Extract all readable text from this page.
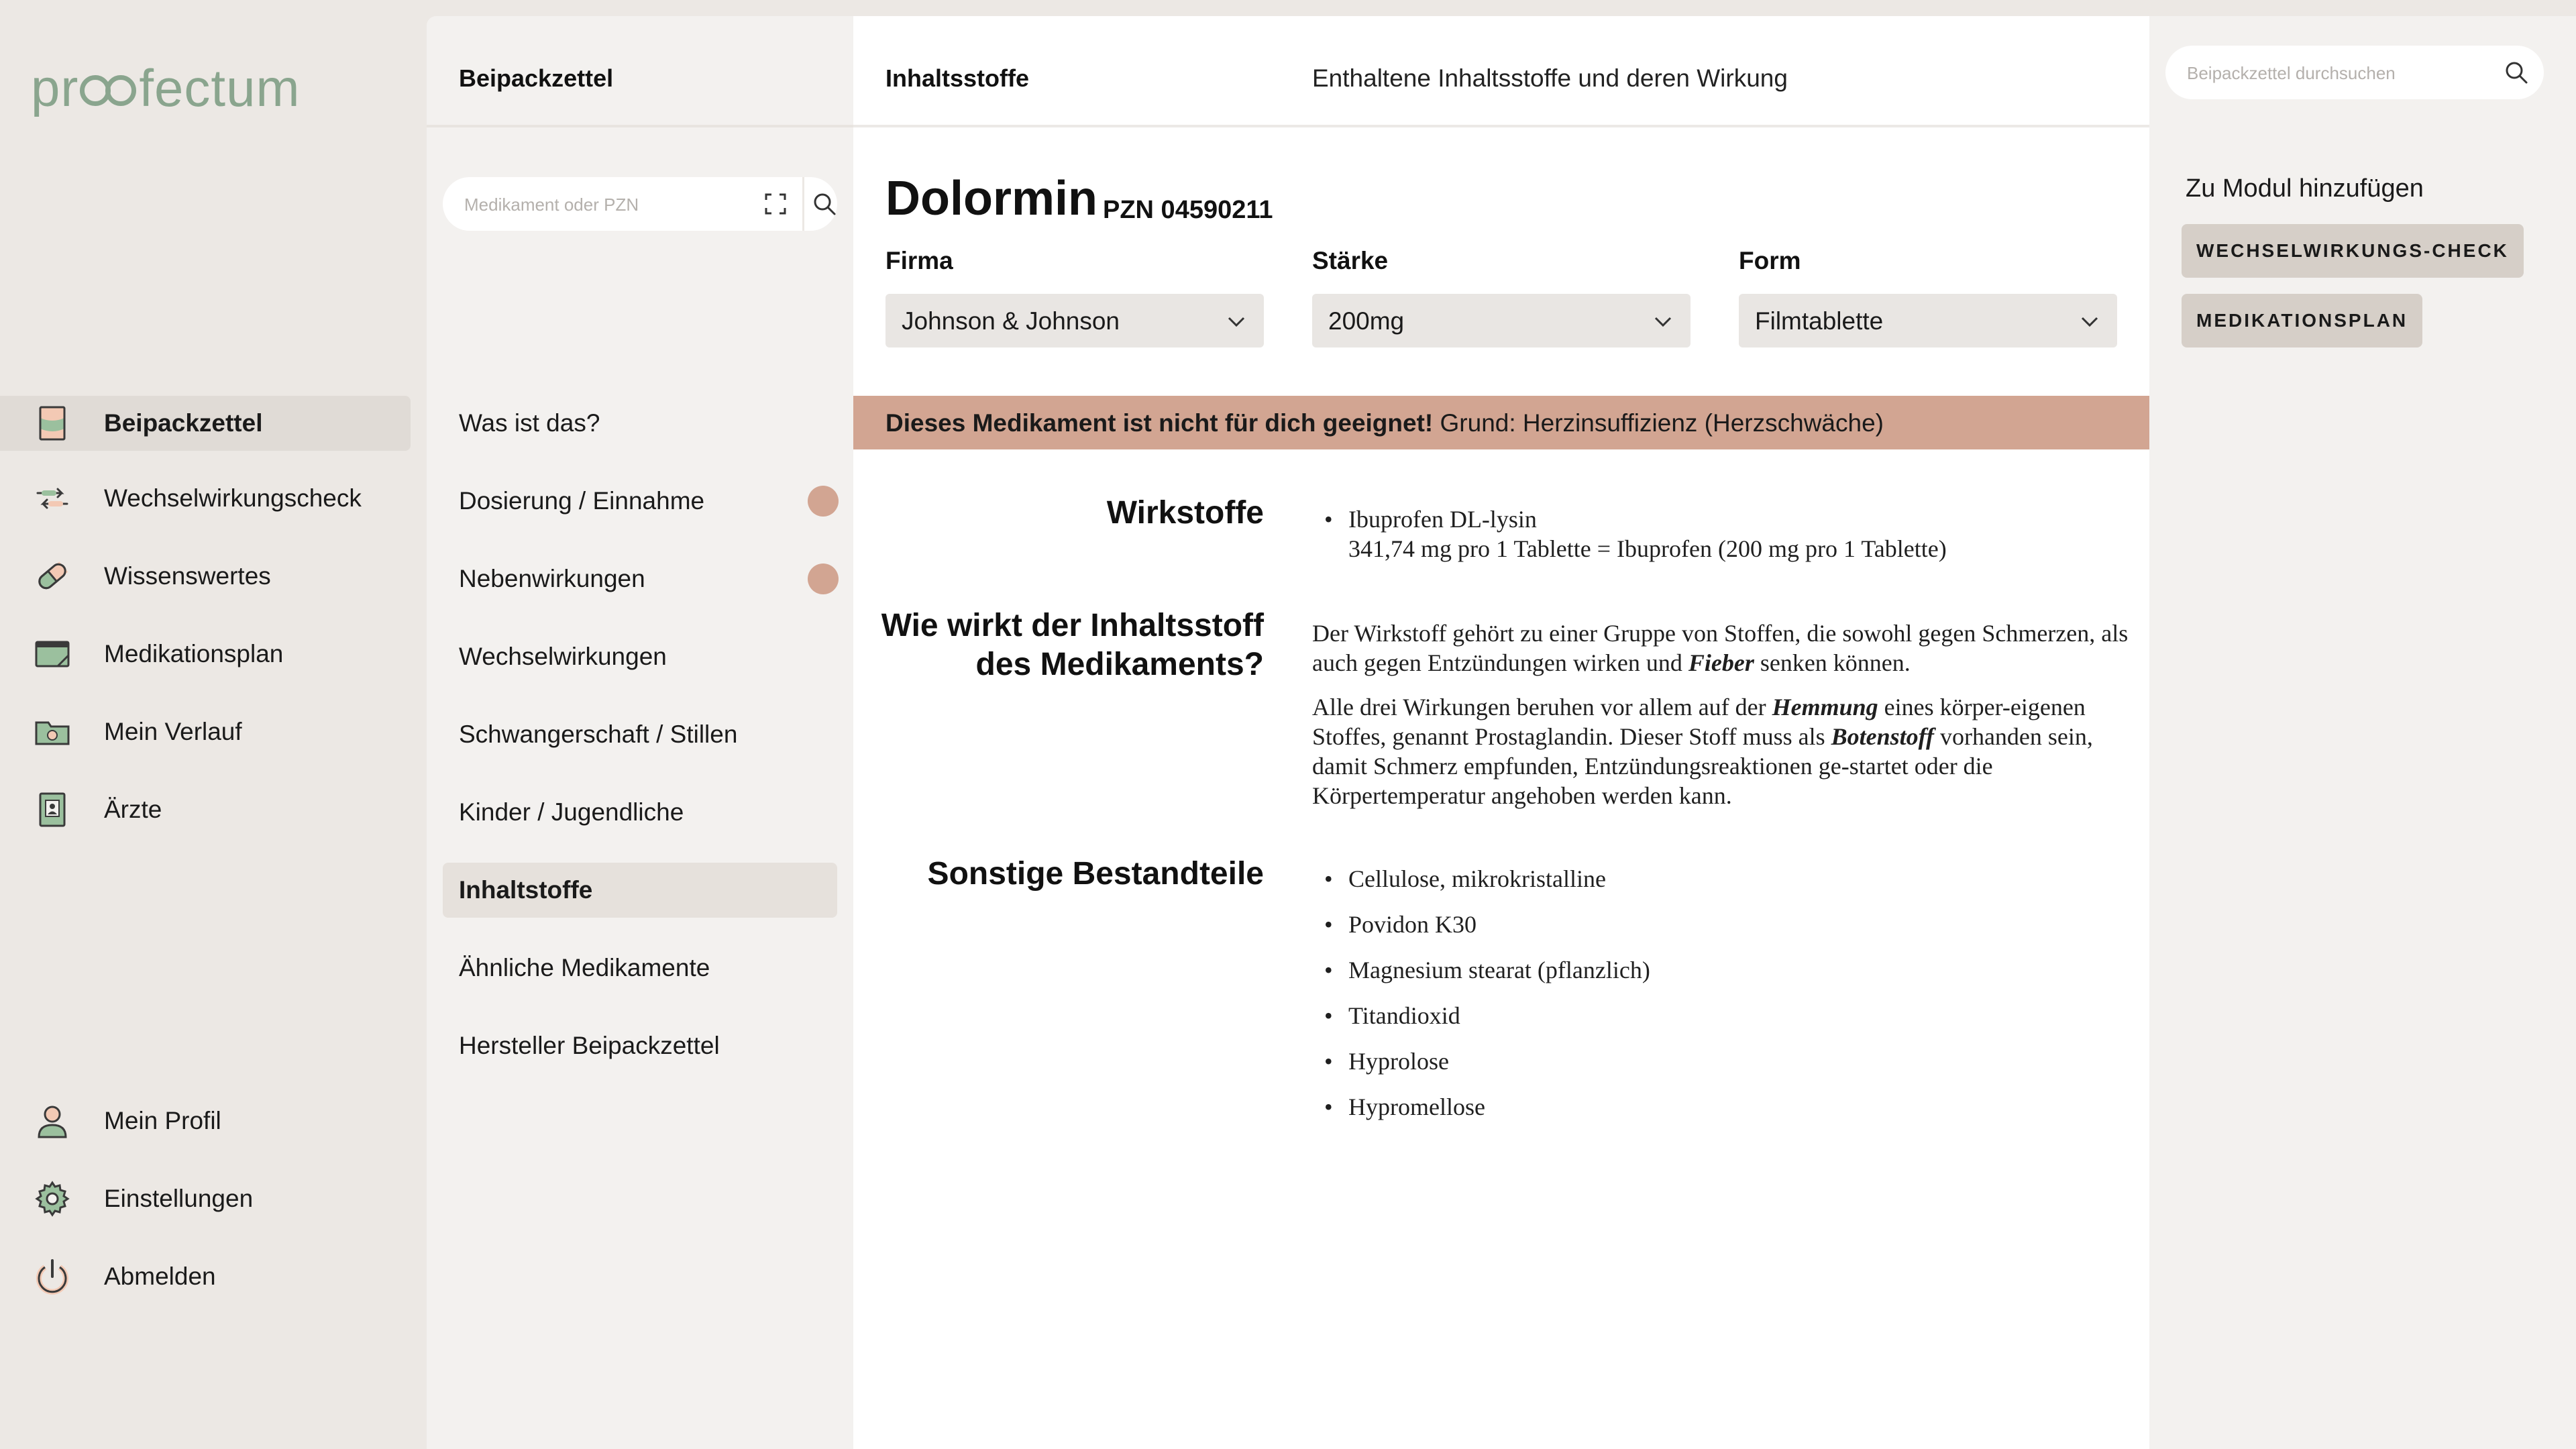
pr fectum
Beipackzettel
Wechselwirkungscheck
Wissenswertes
Medikationsplan
Mein Verlauf
Ärzte
Mein Profil
Einstellungen
Abmelden
Beipackzettel
Medikament oder PZN
Was ist das?
Dosierung / Einnahme
Nebenwirkungen
Wechselwirkungen
Schwangerschaft / Stillen
Kinder / Jugendliche
Inhaltstoffe
Ähnliche Medikamente
Hersteller Beipackzettel
Inhaltsstoffe	Enthaltene Inhaltsstoffe und deren Wirkung
Dolormin PZN 04590211
Firma	Stärke	Form
Johnson & Johnson	200mg	Filmtablette
Dieses Medikament ist nicht für dich geeignet! Grund: Herzinsuffizienz (Herzschwäche)
Wirkstoffe	• Ibuprofen DL-lysin
341,74 mg pro 1 Tablette = Ibuprofen (200 mg pro 1 Tablette)
Wie wirkt der Inhaltsstoff
des Medikaments?

Der Wirkstoff gehört zu einer Gruppe von Stoffen, die sowohl gegen Schmerzen, als auch gegen Entzündungen wirken und Fieber senken können.

Alle drei Wirkungen beruhen vor allem auf der Hemmung eines körper-eigenen Stoffes, genannt Prostaglandin. Dieser Stoff muss als Botenstoff vorhanden sein, damit Schmerz empfunden, Entzündungsreaktionen ge-startet oder die Körpertemperatur angehoben werden kann.

Sonstige Bestandteile	• Cellulose, mikrokristalline
• Povidon K30
• Magnesium stearat (pflanzlich)
• Titandioxid
• Hyprolose
• Hypromellose
Beipackzettel durchsuchen
Zu Modul hinzufügen
WECHSELWIRKUNGS-CHECK
MEDIKATIONSPLAN
